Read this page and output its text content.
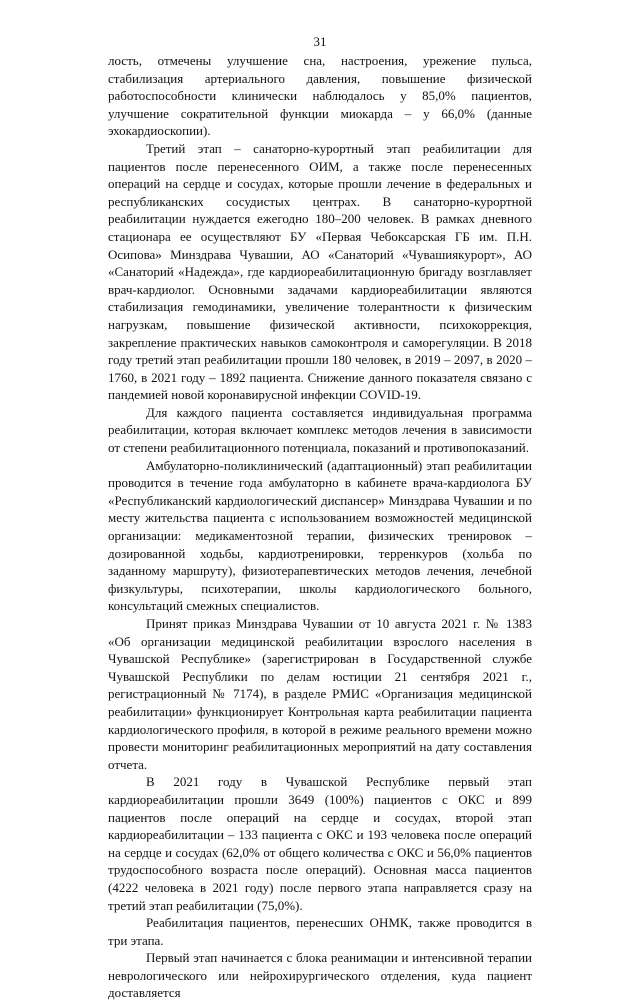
31

лость, отмечены улучшение сна, настроения, урежение пульса, стабилизация артериального давления, повышение физической работоспособности клинически наблюдалось у 85,0% пациентов, улучшение сократительной функции миокарда – у 66,0% (данные эхокардиоскопии).

Третий этап – санаторно-курортный этап реабилитации для пациентов после перенесенного ОИМ, а также после перенесенных операций на сердце и сосудах, которые прошли лечение в федеральных и республиканских сосудистых центрах. В санаторно-курортной реабилитации нуждается ежегодно 180–200 человек. В рамках дневного стационара ее осуществляют БУ «Первая Чебоксарская ГБ им. П.Н. Осипова» Минздрава Чувашии, АО «Санаторий «Чувашиякурорт», АО «Санаторий «Надежда», где кардиореабилитационную бригаду возглавляет врач-кардиолог. Основными задачами кардиореабилитации являются стабилизация гемодинамики, увеличение толерантности к физическим нагрузкам, повышение физической активности, психокоррекция, закрепление практических навыков самоконтроля и саморегуляции. В 2018 году третий этап реабилитации прошли 180 человек, в 2019 – 2097, в 2020 – 1760, в 2021 году – 1892 пациента. Снижение данного показателя связано с пандемией новой коронавирусной инфекции COVID-19.

Для каждого пациента составляется индивидуальная программа реабилитации, которая включает комплекс методов лечения в зависимости от степени реабилитационного потенциала, показаний и противопоказаний.

Амбулаторно-поликлинический (адаптационный) этап реабилитации проводится в течение года амбулаторно в кабинете врача-кардиолога БУ «Республиканский кардиологический диспансер» Минздрава Чувашии и по месту жительства пациента с использованием возможностей медицинской организации: медикаментозной терапии, физических тренировок – дозированной ходьбы, кардиотренировки, терренкуров (хольба по заданному маршруту), физиотерапевтических методов лечения, лечебной физкультуры, психотерапии, школы кардиологического больного, консультаций смежных специалистов.

Принят приказ Минздрава Чувашии от 10 августа 2021 г. № 1383 «Об организации медицинской реабилитации взрослого населения в Чувашской Республике» (зарегистрирован в Государственной службе Чувашской Республики по делам юстиции 21 сентября 2021 г., регистрационный № 7174), в разделе РМИС «Организация медицинской реабилитации» функционирует Контрольная карта реабилитации пациента кардиологического профиля, в которой в режиме реального времени можно провести мониторинг реабилитационных мероприятий на дату составления отчета.

В 2021 году в Чувашской Республике первый этап кардиореабилитации прошли 3649 (100%) пациентов с ОКС и 899 пациентов после операций на сердце и сосудах, второй этап кардиореабилитации – 133 пациента с ОКС и 193 человека после операций на сердце и сосудах (62,0% от общего количества с ОКС и 56,0% пациентов трудоспособного возраста после операций). Основная масса пациентов (4222 человека в 2021 году) после первого этапа направляется сразу на третий этап реабилитации (75,0%).

Реабилитация пациентов, перенесших ОНМК, также проводится в три этапа.

Первый этап начинается с блока реанимации и интенсивной терапии неврологического или нейрохирургического отделения, куда пациент доставляется
